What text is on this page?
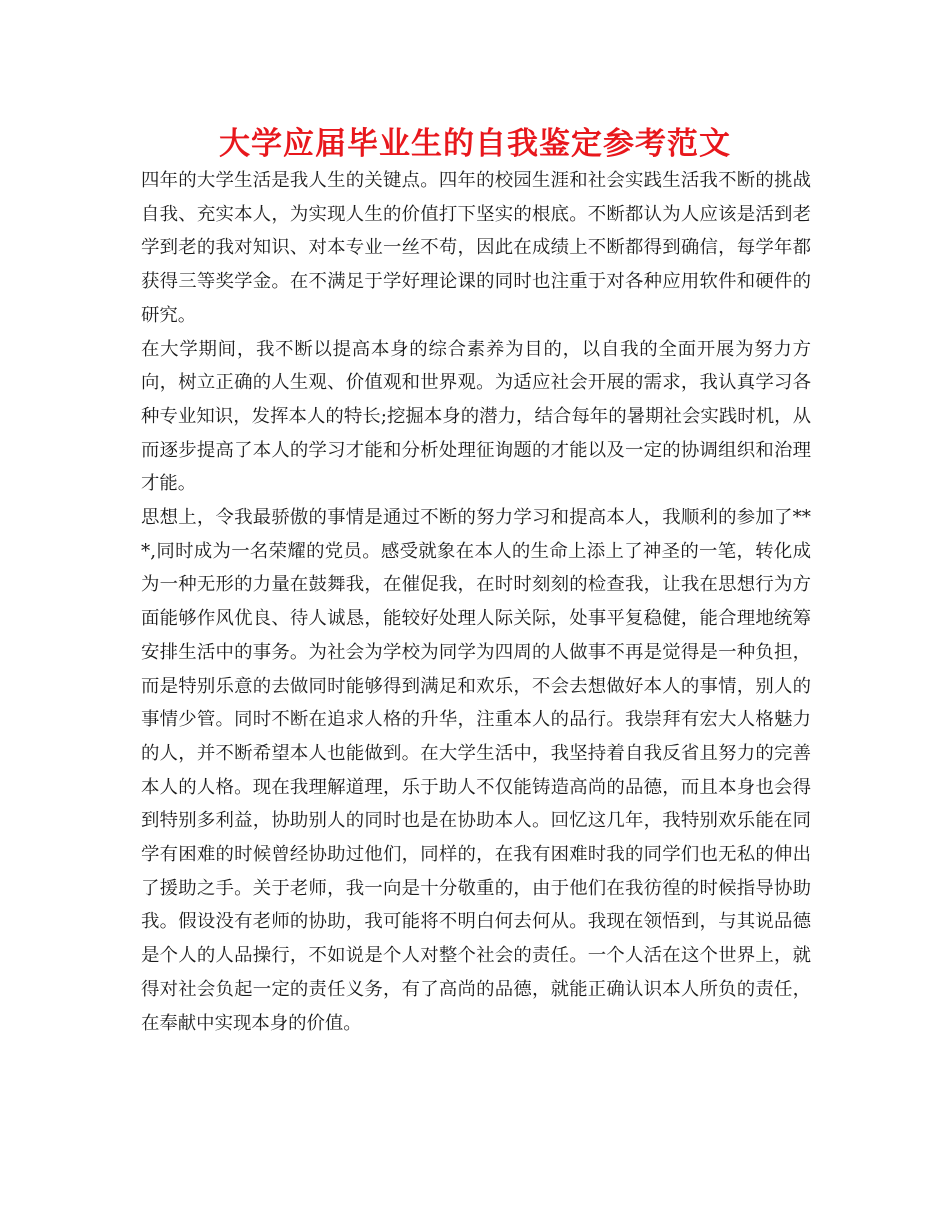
大学应届毕业生的自我鉴定参考范文

四年的大学生活是我人生的关键点。四年的校园生涯和社会实践生活我不断的挑战自我、充实本人，为实现人生的价值打下坚实的根底。不断都认为人应该是活到老学到老的我对知识、对本专业一丝不苟，因此在成绩上不断都得到确信，每学年都获得三等奖学金。在不满足于学好理论课的同时也注重于对各种应用软件和硬件的研究。

在大学期间，我不断以提高本身的综合素养为目的，以自我的全面开展为努力方向，树立正确的人生观、价值观和世界观。为适应社会开展的需求，我认真学习各种专业知识，发挥本人的特长;挖掘本身的潜力，结合每年的暑期社会实践时机，从而逐步提高了本人的学习才能和分析处理征询题的才能以及一定的协调组织和治理才能。

思想上，令我最骄傲的事情是通过不断的努力学习和提高本人，我顺利的参加了***,同时成为一名荣耀的党员。感受就象在本人的生命上添上了神圣的一笔，转化成为一种无形的力量在鼓舞我，在催促我，在时时刻刻的检查我，让我在思想行为方面能够作风优良、待人诚恳，能较好处理人际关际，处事平复稳健，能合理地统筹安排生活中的事务。为社会为学校为同学为四周的人做事不再是觉得是一种负担，而是特别乐意的去做同时能够得到满足和欢乐，不会去想做好本人的事情，别人的事情少管。同时不断在追求人格的升华，注重本人的品行。我崇拜有宏大人格魅力的人，并不断希望本人也能做到。在大学生活中，我坚持着自我反省且努力的完善本人的人格。现在我理解道理，乐于助人不仅能铸造高尚的品德，而且本身也会得到特别多利益，协助别人的同时也是在协助本人。回忆这几年，我特别欢乐能在同学有困难的时候曾经协助过他们，同样的，在我有困难时我的同学们也无私的伸出了援助之手。关于老师，我一向是十分敬重的，由于他们在我彷徨的时候指导协助我。假设没有老师的协助，我可能将不明白何去何从。我现在领悟到，与其说品德是个人的人品操行，不如说是个人对整个社会的责任。一个人活在这个世界上，就得对社会负起一定的责任义务，有了高尚的品德，就能正确认识本人所负的责任，在奉献中实现本身的价值。
